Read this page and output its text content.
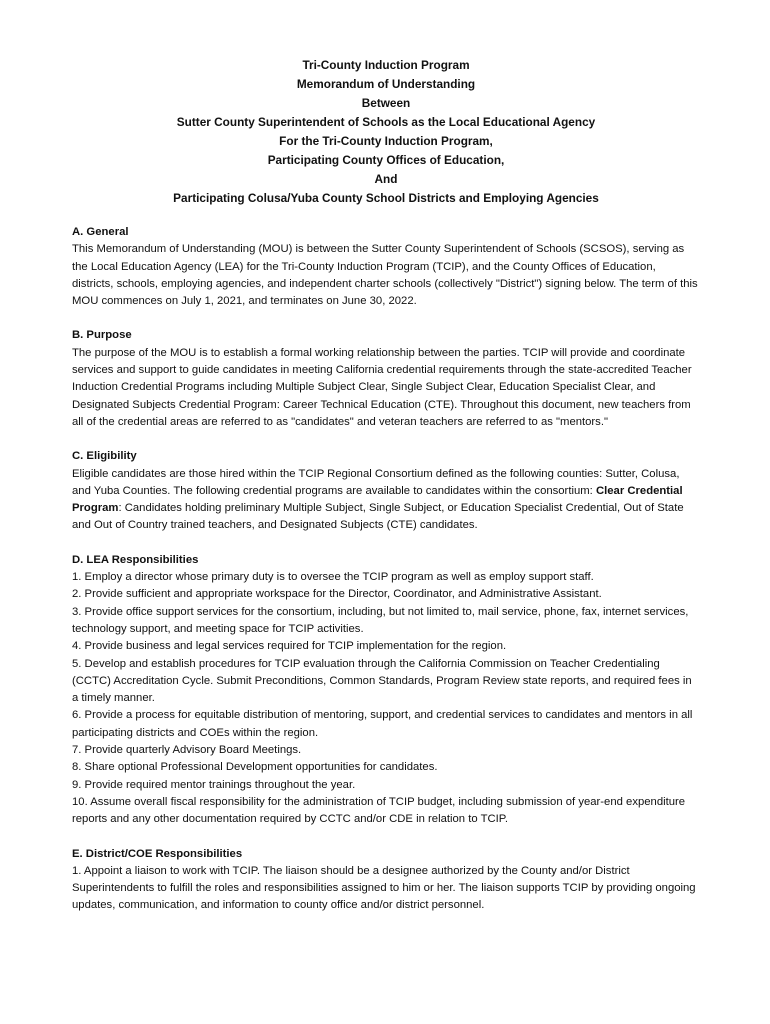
Tri-County Induction Program
Memorandum of Understanding
Between
Sutter County Superintendent of Schools as the Local Educational Agency
For the Tri-County Induction Program,
Participating County Offices of Education,
And
Participating Colusa/Yuba County School Districts and Employing Agencies
A. General

This Memorandum of Understanding (MOU) is between the Sutter County Superintendent of Schools (SCSOS), serving as the Local Education Agency (LEA) for the Tri-County Induction Program (TCIP), and the County Offices of Education, districts, schools, employing agencies, and independent charter schools (collectively "District") signing below. The term of this MOU commences on July 1, 2021, and terminates on June 30, 2022.

B. Purpose

The purpose of the MOU is to establish a formal working relationship between the parties. TCIP will provide and coordinate services and support to guide candidates in meeting California credential requirements through the state-accredited Teacher Induction Credential Programs including Multiple Subject Clear, Single Subject Clear, Education Specialist Clear, and Designated Subjects Credential Program: Career Technical Education (CTE). Throughout this document, new teachers from all of the credential areas are referred to as "candidates" and veteran teachers are referred to as "mentors."

C. Eligibility

Eligible candidates are those hired within the TCIP Regional Consortium defined as the following counties: Sutter, Colusa, and Yuba Counties. The following credential programs are available to candidates within the consortium: Clear Credential Program: Candidates holding preliminary Multiple Subject, Single Subject, or Education Specialist Credential, Out of State and Out of Country trained teachers, and Designated Subjects (CTE) candidates.

D. LEA Responsibilities
1. Employ a director whose primary duty is to oversee the TCIP program as well as employ support staff.
2. Provide sufficient and appropriate workspace for the Director, Coordinator, and Administrative Assistant.
3. Provide office support services for the consortium, including, but not limited to, mail service, phone, fax, internet services, technology support, and meeting space for TCIP activities.
4. Provide business and legal services required for TCIP implementation for the region.
5. Develop and establish procedures for TCIP evaluation through the California Commission on Teacher Credentialing (CCTC) Accreditation Cycle. Submit Preconditions, Common Standards, Program Review state reports, and required fees in a timely manner.
6. Provide a process for equitable distribution of mentoring, support, and credential services to candidates and mentors in all participating districts and COEs within the region.
7. Provide quarterly Advisory Board Meetings.
8. Share optional Professional Development opportunities for candidates.
9. Provide required mentor trainings throughout the year.
10. Assume overall fiscal responsibility for the administration of TCIP budget, including submission of year-end expenditure reports and any other documentation required by CCTC and/or CDE in relation to TCIP.
E. District/COE Responsibilities
1. Appoint a liaison to work with TCIP. The liaison should be a designee authorized by the County and/or District Superintendents to fulfill the roles and responsibilities assigned to him or her. The liaison supports TCIP by providing ongoing updates, communication, and information to county office and/or district personnel.
